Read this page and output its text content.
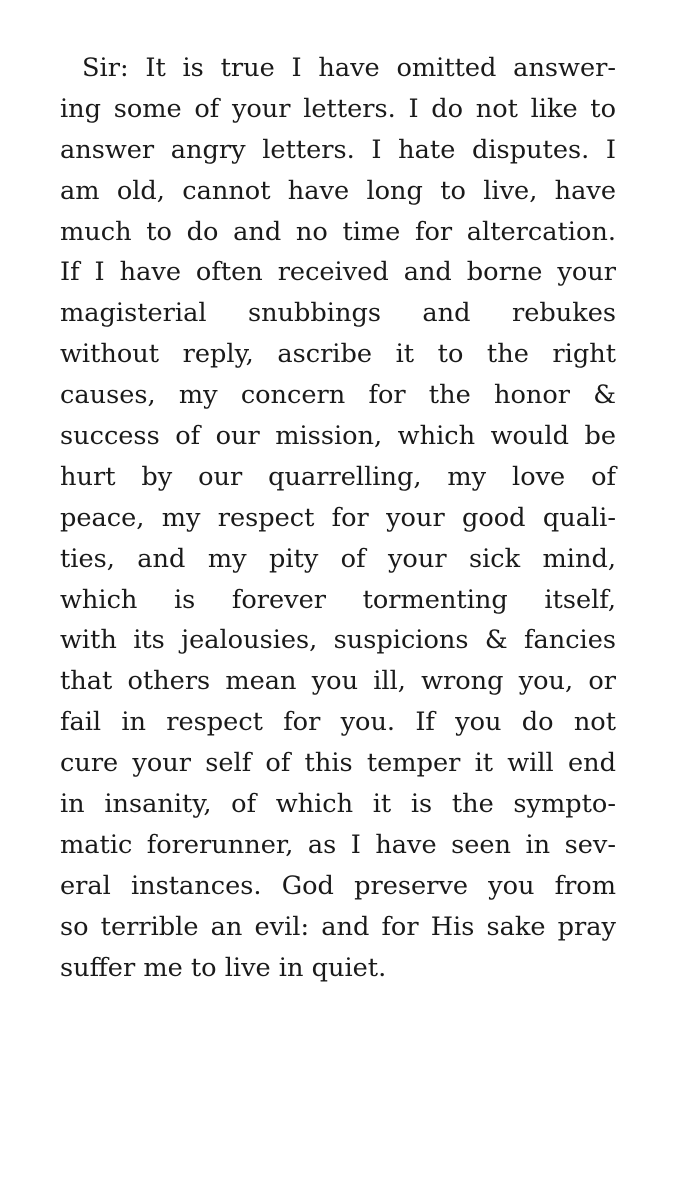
Sir: It is true I have omitted answer-
ing some of your letters. I do not like to
answer angry letters. I hate disputes. I
am old, cannot have long to live, have
much to do and no time for altercation.
If I have often received and borne your
magisterial snubbings and rebukes
without reply, ascribe it to the right
causes, my concern for the honor &
success of our mission, which would be
hurt by our quarrelling, my love of
peace, my respect for your good quali-
ties, and my pity of your sick mind,
which is forever tormenting itself,
with its jealousies, suspicions & fancies
that others mean you ill, wrong you, or
fail in respect for you. If you do not
cure your self of this temper it will end
in insanity, of which it is the sympto-
matic forerunner, as I have seen in sev-
eral instances. God preserve you from
so terrible an evil: and for His sake pray
suffer me to live in quiet.
